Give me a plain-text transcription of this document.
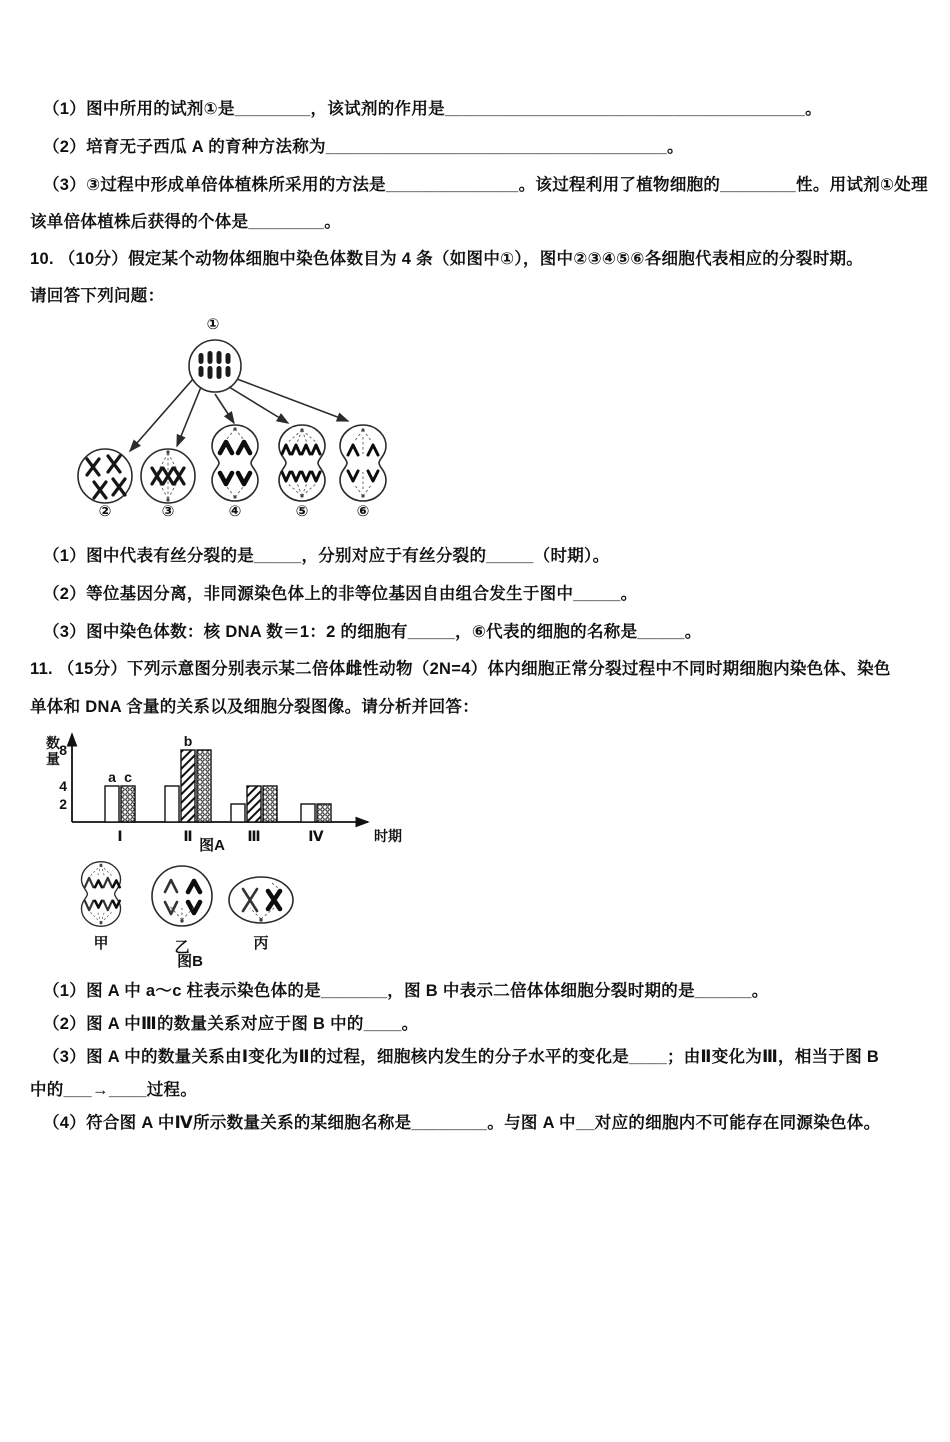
（1）图中所用的试剂①是________，该试剂的作用是______________________________________。

（2）培育无子西瓜 A 的育种方法称为____________________________________。

（3）③过程中形成单倍体植株所采用的方法是______________。该过程利用了植物细胞的________性。用试剂①处理

该单倍体植株后获得的个体是________。

10. （10分）假定某个动物体细胞中染色体数目为 4 条（如图中①），图中②③④⑤⑥各细胞代表相应的分裂时期。

请回答下列问题：

①
②	③	④	⑤	⑥

（1）图中代表有丝分裂的是_____，分别对应于有丝分裂的_____（时期）。

（2）等位基因分离，非同源染色体上的非等位基因自由组合发生于图中_____。

（3）图中染色体数：核 DNA 数＝1：2 的细胞有_____，⑥代表的细胞的名称是_____。

11. （15分）下列示意图分别表示某二倍体雌性动物（2N=4）体内细胞正常分裂过程中不同时期细胞内染色体、染色

单体和 DNA 含量的关系以及细胞分裂图像。请分析并回答：

数
量
8
4
2
Ⅰ	Ⅱ	Ⅲ	Ⅳ	时期
a c
b
图A
甲	乙	丙
图B

（1）图 A 中 a～c 柱表示染色体的是_______，图 B 中表示二倍体体细胞分裂时期的是______。

（2）图 A 中Ⅲ的数量关系对应于图 B 中的____。

（3）图 A 中的数量关系由Ⅰ变化为Ⅱ的过程，细胞核内发生的分子水平的变化是____；由Ⅱ变化为Ⅲ，相当于图 B

中的___→____过程。

（4）符合图 A 中Ⅳ所示数量关系的某细胞名称是________。与图 A 中__对应的细胞内不可能存在同源染色体。
